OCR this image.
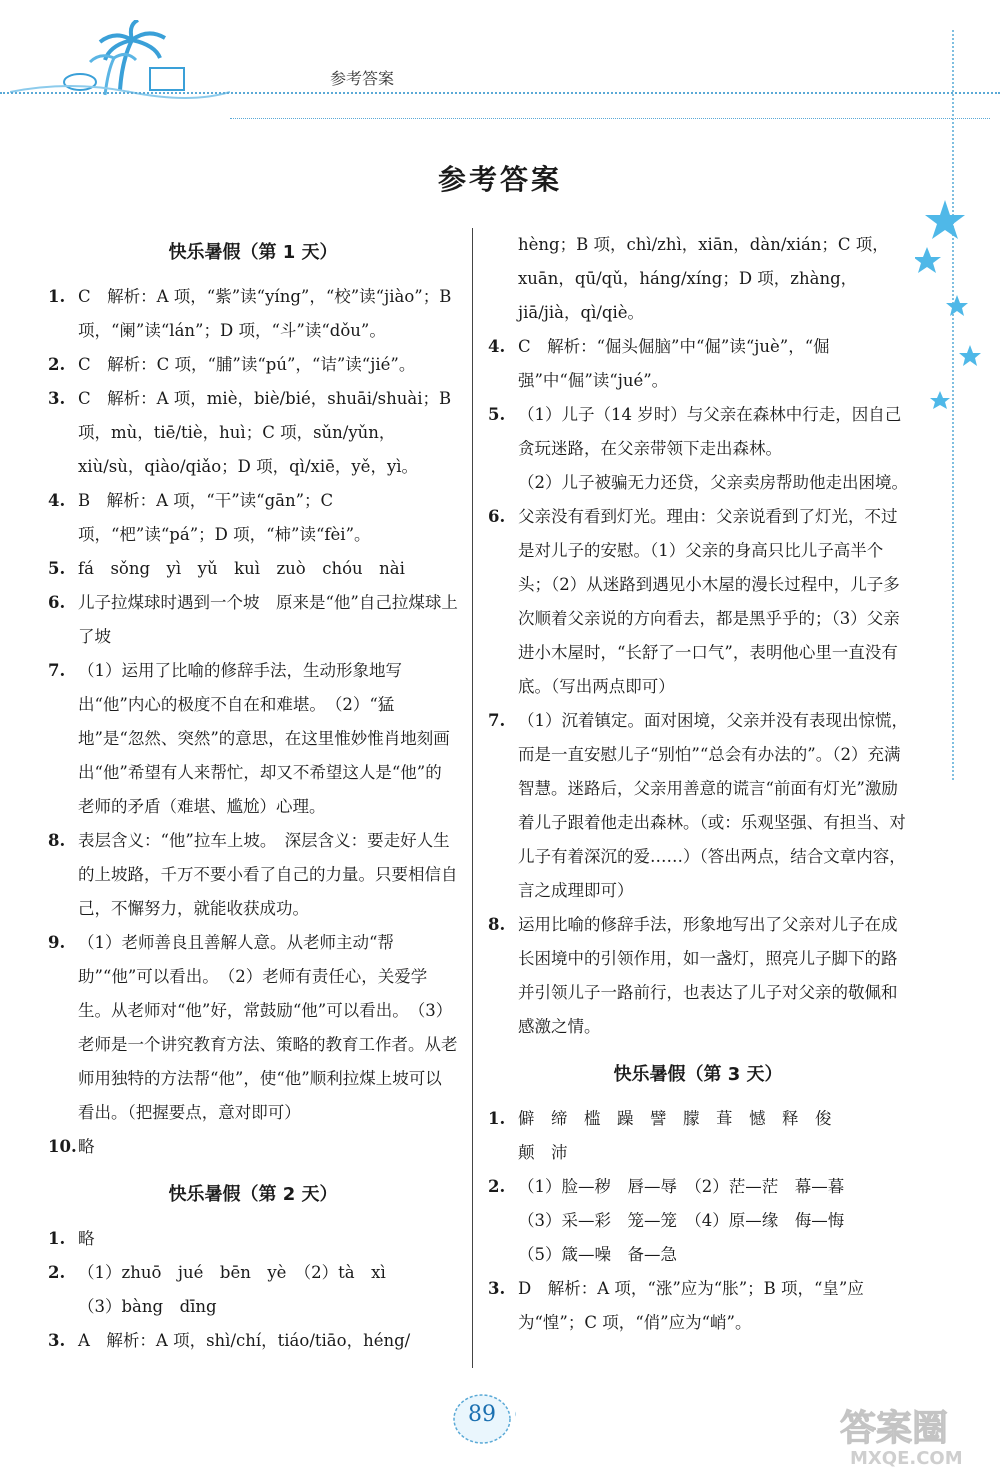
参考答案
参考答案
快乐暑假（第 1 天）
1. C　解析：A 项，“紫”读“yíng”，“校”读“jiào”；B 项，“阑”读“lán”；D 项，“斗”读“dǒu”。
2. C　解析：C 项，“脯”读“pú”，“诘”读“jié”。
3. C　解析：A 项，miè，biè/bié，shuāi/shuài；B 项，mù，tiē/tiè，huì；C 项，sǔn/yǔn，xiù/sù，qiào/qiǎo；D 项，qì/xiē，yě，yì。
4. B　解析：A 项，“干”读“gān”；C 项，“杷”读“pá”；D 项，“柿”读“fèi”。
5. fá　sǒng　yì　yǔ　kuì　zuò　chóu　nài
6. 儿子拉煤球时遇到一个坡　原来是“他”自己拉煤球上了坡
7. （1）运用了比喻的修辞手法，生动形象地写出“他”内心的极度不自在和难堪。　（2）“猛地”是“忽然、突然”的意思，在这里惟妙惟肖地刻画出“他”希望有人来帮忙，却又不希望这人是“他”的老师的矛盾（难堪、尴尬）心理。
8. 表层含义：“他”拉车上坡。　深层含义：要走好人生的上坡路，千万不要小看了自己的力量。只要相信自己，不懈努力，就能收获成功。
9. （1）老师善良且善解人意。从老师主动“帮助”“他”可以看出。　（2）老师有责任心，关爱学生。从老师对“他”好，常鼓励“他”可以看出。　（3）老师是一个讲究教育方法、策略的教育工作者。从老师用独特的方法帮“他”，使“他”顺利拉煤上坡可以看出。（把握要点，意对即可）
10. 略
快乐暑假（第 2 天）
1. 略
2. （1）zhuō　jué　bēn　yè　（2）tà　xì
（3）bàng　dīng
3. A　解析：A 项，shì/chí，tiáo/tiāo，héng/
hèng；B 项，chì/zhì，xiān，dàn/xián；C 项，xuān，qū/qǔ，háng/xíng；D 项，zhàng，jiā/jià，qì/qiè。
4. C　解析：“倔头倔脑”中“倔”读“juè”，“倔强”中“倔”读“jué”。
5. （1）儿子（14 岁时）与父亲在森林中行走，因自己贪玩迷路，在父亲带领下走出森林。
（2）儿子被骗无力还贷，父亲卖房帮助他走出困境。
6. 父亲没有看到灯光。理由：父亲说看到了灯光，不过是对儿子的安慰。（1）父亲的身高只比儿子高半个头；（2）从迷路到遇见小木屋的漫长过程中，儿子多次顺着父亲说的方向看去，都是黑乎乎的；（3）父亲进小木屋时，“长舒了一口气”，表明他心里一直没有底。（写出两点即可）
7. （1）沉着镇定。面对困境，父亲并没有表现出惊慌，而是一直安慰儿子“别怕”“总会有办法的”。（2）充满智慧。迷路后，父亲用善意的谎言“前面有灯光”激励着儿子跟着他走出森林。（或：乐观坚强、有担当、对儿子有着深沉的爱……）（答出两点，结合文章内容，言之成理即可）
8. 运用比喻的修辞手法，形象地写出了父亲对儿子在成长困境中的引领作用，如一盏灯，照亮儿子脚下的路并引领儿子一路前行，也表达了儿子对父亲的敬佩和感激之情。
快乐暑假（第 3 天）
1. 僻　缔　槛　躁　譬　朦　葺　憾　释　俊
颠　沛
2. （1）脸—秽　唇—辱　（2）茫—茫　幕—暮
（3）采—彩　笼—笼　（4）原—缘　侮—悔
（5）箴—噪　备—急
3. D　解析：A 项，“涨”应为“胀”；B 项，“皇”应为“惶”；C 项，“俏”应为“峭”。
89	答案圈
MXQE.COM
